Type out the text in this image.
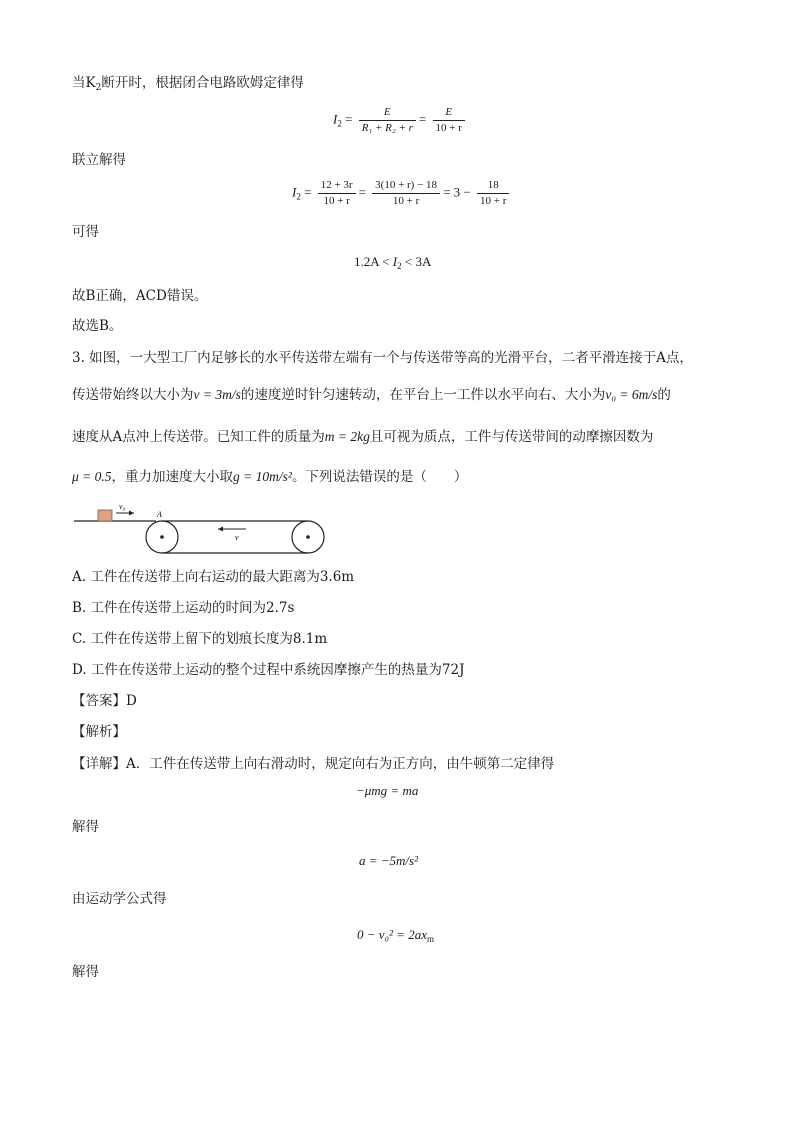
当$K_2$断开时，根据闭合电路欧姆定律得
$I_2 = \frac{E}{\text{R₁ + R₂ + r}} = \frac{E}{10 + r}$
联立解得
$I_2 = \frac{12 + 3r}{10 + r} = \frac{3(10 + r) - 18}{10 + r} = 3 - \frac{18}{10 + r}$
可得
$1.2A < I_2 < 3A$
故B正确，ACD错误。
故选B。
3. 如图，一大型工厂内足够长的水平传送带左端有一个与传送带等高的光滑平台，二者平滑连接于A点，
传送带始终以大小为v = 3m/s的速度逆时针匀速转动，在平台上一工件以水平向右、大小为v₀ = 6m/s的
速度从A点冲上传送带。已知工件的质量为m = 2kg且可视为质点，工件与传送带间的动摩擦因数为
μ = 0.5，重力加速度大小取g = 10m/s²。下列说法错误的是（　　）
v₀
A
v
A. 工件在传送带上向右运动的最大距离为3.6m
B. 工件在传送带上运动的时间为2.7s
C. 工件在传送带上留下的划痕长度为8.1m
D. 工件在传送带上运动的整个过程中系统因摩擦产生的热量为72J
【答案】D
【解析】
【详解】A．工件在传送带上向右滑动时，规定向右为正方向，由牛顿第二定律得
−μmg = ma
解得
a = −5m/s²
由运动学公式得
$0 - v_0^2 = 2ax_m$
解得
